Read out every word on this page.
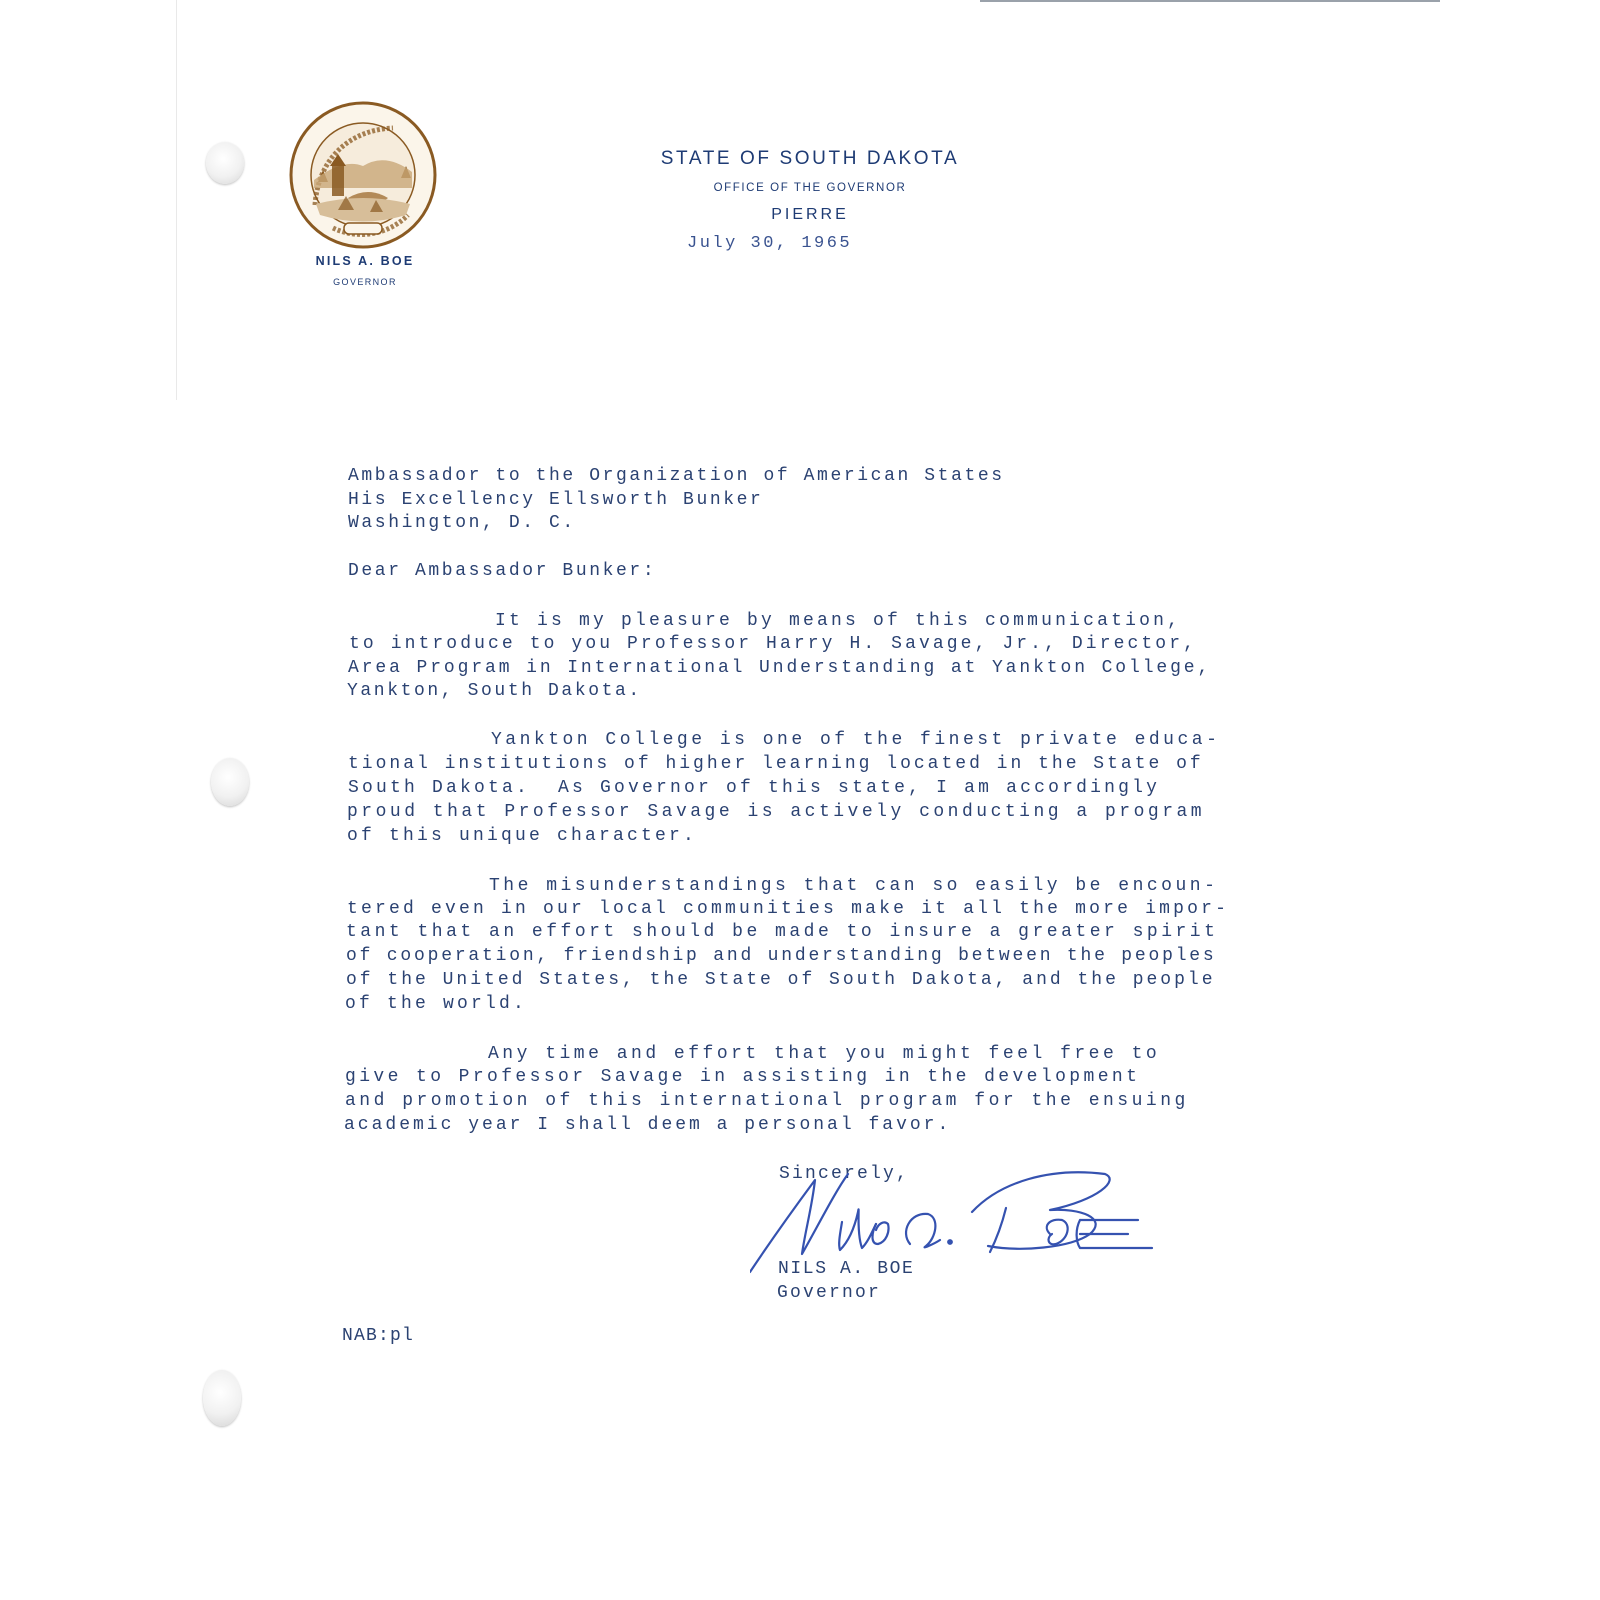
NILS A. BOE
GOVERNOR
STATE OF SOUTH DAKOTA
OFFICE OF THE GOVERNOR
PIERRE
July 30, 1965
Ambassador to the Organization of American States
His Excellency Ellsworth Bunker
Washington, D. C.
Dear Ambassador Bunker:
It is my pleasure by means of this communication,
to introduce to you Professor Harry H. Savage, Jr., Director,
Area Program in International Understanding at Yankton College,
Yankton, South Dakota.
Yankton College is one of the finest private educa-
tional institutions of higher learning located in the State of
South Dakota.  As Governor of this state, I am accordingly
proud that Professor Savage is actively conducting a program
of this unique character.
The misunderstandings that can so easily be encoun-
tered even in our local communities make it all the more impor-
tant that an effort should be made to insure a greater spirit
of cooperation, friendship and understanding between the peoples
of the United States, the State of South Dakota, and the people
of the world.
Any time and effort that you might feel free to
give to Professor Savage in assisting in the development
and promotion of this international program for the ensuing
academic year I shall deem a personal favor.
Sincerely,
NILS A. BOE
Governor
NAB:pl
